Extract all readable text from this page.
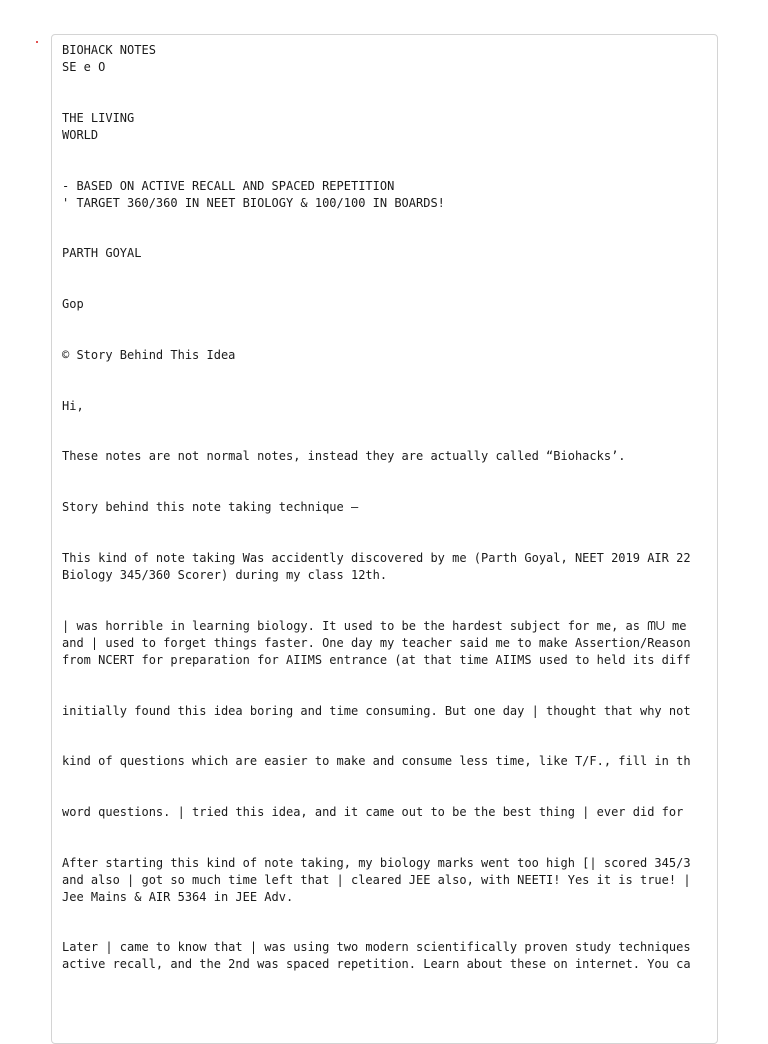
BIOHACK NOTES

SE e O

THE LIVING

WORLD

- BASED ON ACTIVE RECALL AND SPACED REPETITION

' TARGET 360/360 IN NEET BIOLOGY & 100/100 IN BOARDS!

PARTH GOYAL

Gop

© Story Behind This Idea

Hi,

These notes are not normal notes, instead they are actually called “Biohacks’.

Story behind this note taking technique —

This kind of note taking Was accidently discovered by me (Parth Goyal, NEET 2019 AIR 22

Biology 345/360 Scorer) during my class 12th.

| was horrible in learning biology. It used to be the hardest subject for me, as ᗰᑌ me

and | used to forget things faster. One day my teacher said me to make Assertion/Reason

from NCERT for preparation for AIIMS entrance (at that time AIIMS used to held its diff

initially found this idea boring and time consuming. But one day | thought that why not

kind of questions which are easier to make and consume less time, like T/F., fill in th

word questions. | tried this idea, and it came out to be the best thing | ever did for

After starting this kind of note taking, my biology marks went too high [| scored 345/3

and also | got so much time left that | cleared JEE also, with NEETI! Yes it is true! |

Jee Mains & AIR 5364 in JEE Adv.

Later | came to know that | was using two modern scientifically proven study techniques

active recall, and the 2nd was spaced repetition. Learn about these on internet. You ca
